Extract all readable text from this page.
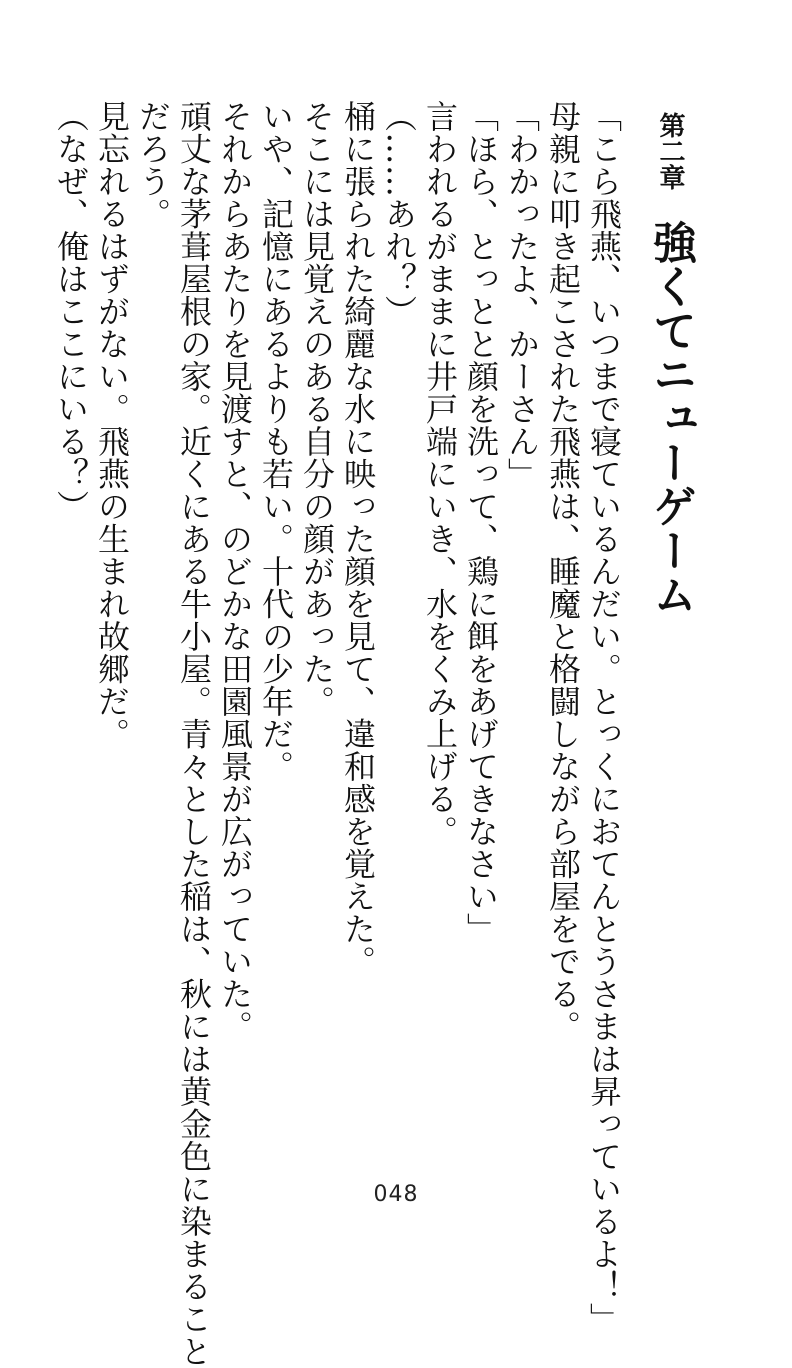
第二章強くてニューゲーム
「こら飛燕、いつまで寝ているんだい。とっくにおてんとうさまは昇っているよ！」
母親に叩き起こされた飛燕は、睡魔と格闘しながら部屋をでる。
「わかったよ、かーさん」
「ほら、とっとと顔を洗って、鶏に餌をあげてきなさい」
言われるがままに井戸端にいき、水をくみ上げる。
（……あれ？）
桶に張られた綺麗な水に映った顔を見て、違和感を覚えた。
そこには見覚えのある自分の顔があった。
いや、記憶にあるよりも若い。十代の少年だ。
それからあたりを見渡すと、のどかな田園風景が広がっていた。
頑丈な茅葺屋根の家。近くにある牛小屋。青々とした稲は、秋には黄金色に染まること
だろう。
見忘れるはずがない。飛燕の生まれ故郷だ。
（なぜ、俺はここにいる？）
048
